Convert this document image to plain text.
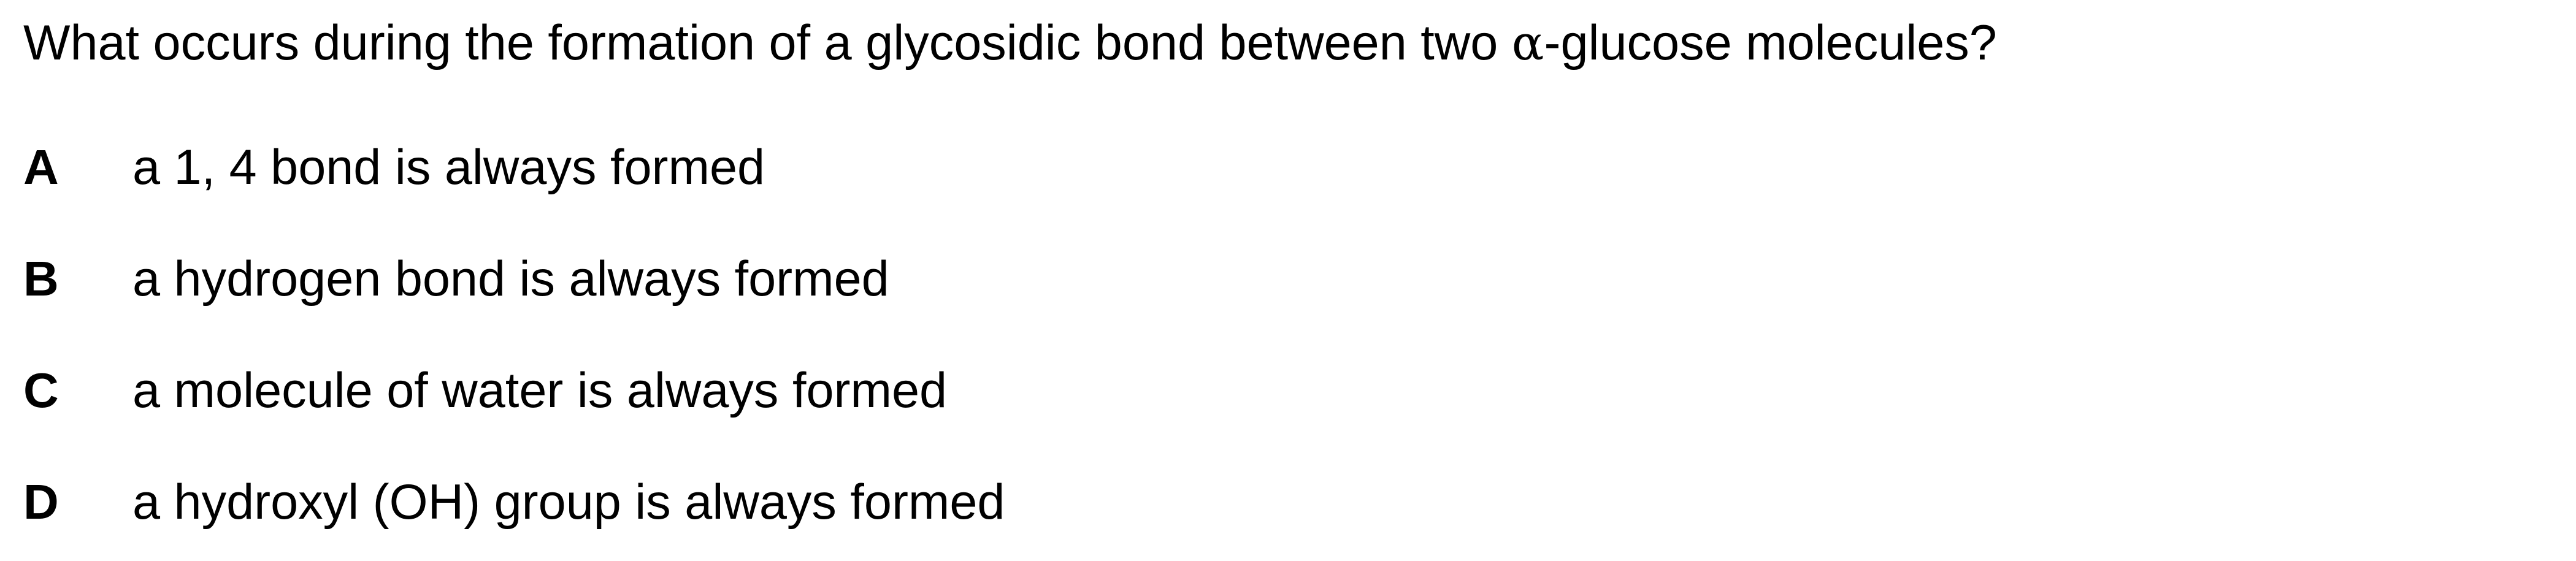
What occurs during the formation of a glycosidic bond between two α-glucose molecules?

A a 1, 4 bond is always formed
B a hydrogen bond is always formed
C a molecule of water is always formed
D a hydroxyl (OH) group is always formed
